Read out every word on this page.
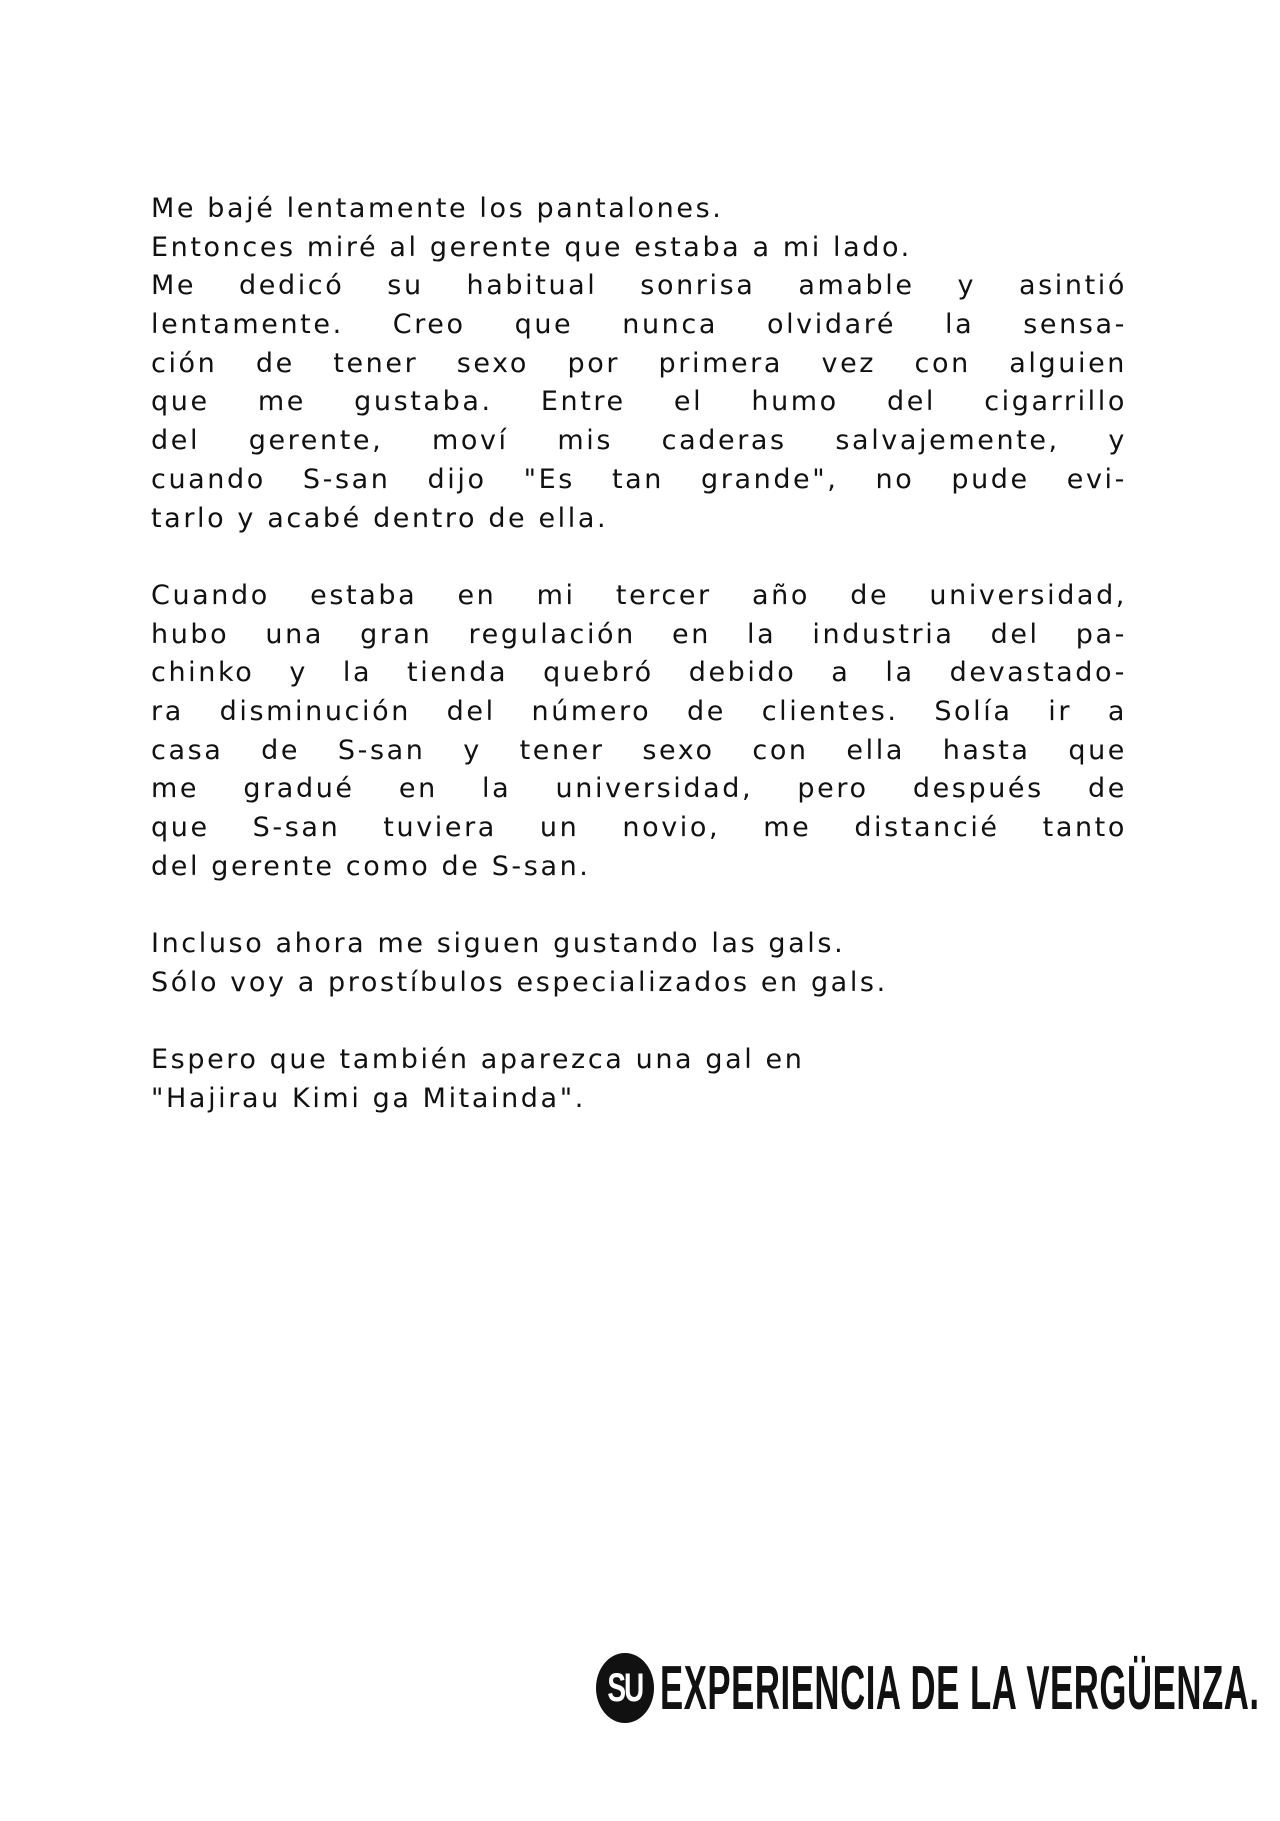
Me bajé lentamente los pantalones.
Entonces miré al gerente que estaba a mi lado.
Me dedicó su habitual sonrisa amable y asintió
lentamente. Creo que nunca olvidaré la sensa-
ción de tener sexo por primera vez con alguien
que me gustaba. Entre el humo del cigarrillo
del gerente, moví mis caderas salvajemente, y
cuando S-san dijo "Es tan grande", no pude evi-
tarlo y acabé dentro de ella.
Cuando estaba en mi tercer año de universidad,
hubo una gran regulación en la industria del pa-
chinko y la tienda quebró debido a la devastado-
ra disminución del número de clientes. Solía ir a
casa de S-san y tener sexo con ella hasta que
me gradué en la universidad, pero después de
que S-san tuviera un novio, me distancié tanto
del gerente como de S-san.
Incluso ahora me siguen gustando las gals.
Sólo voy a prostíbulos especializados en gals.
Espero que también aparezca una gal en
"Hajirau Kimi ga Mitainda".
SU EXPERIENCIA DE LA VERGÜENZA.
